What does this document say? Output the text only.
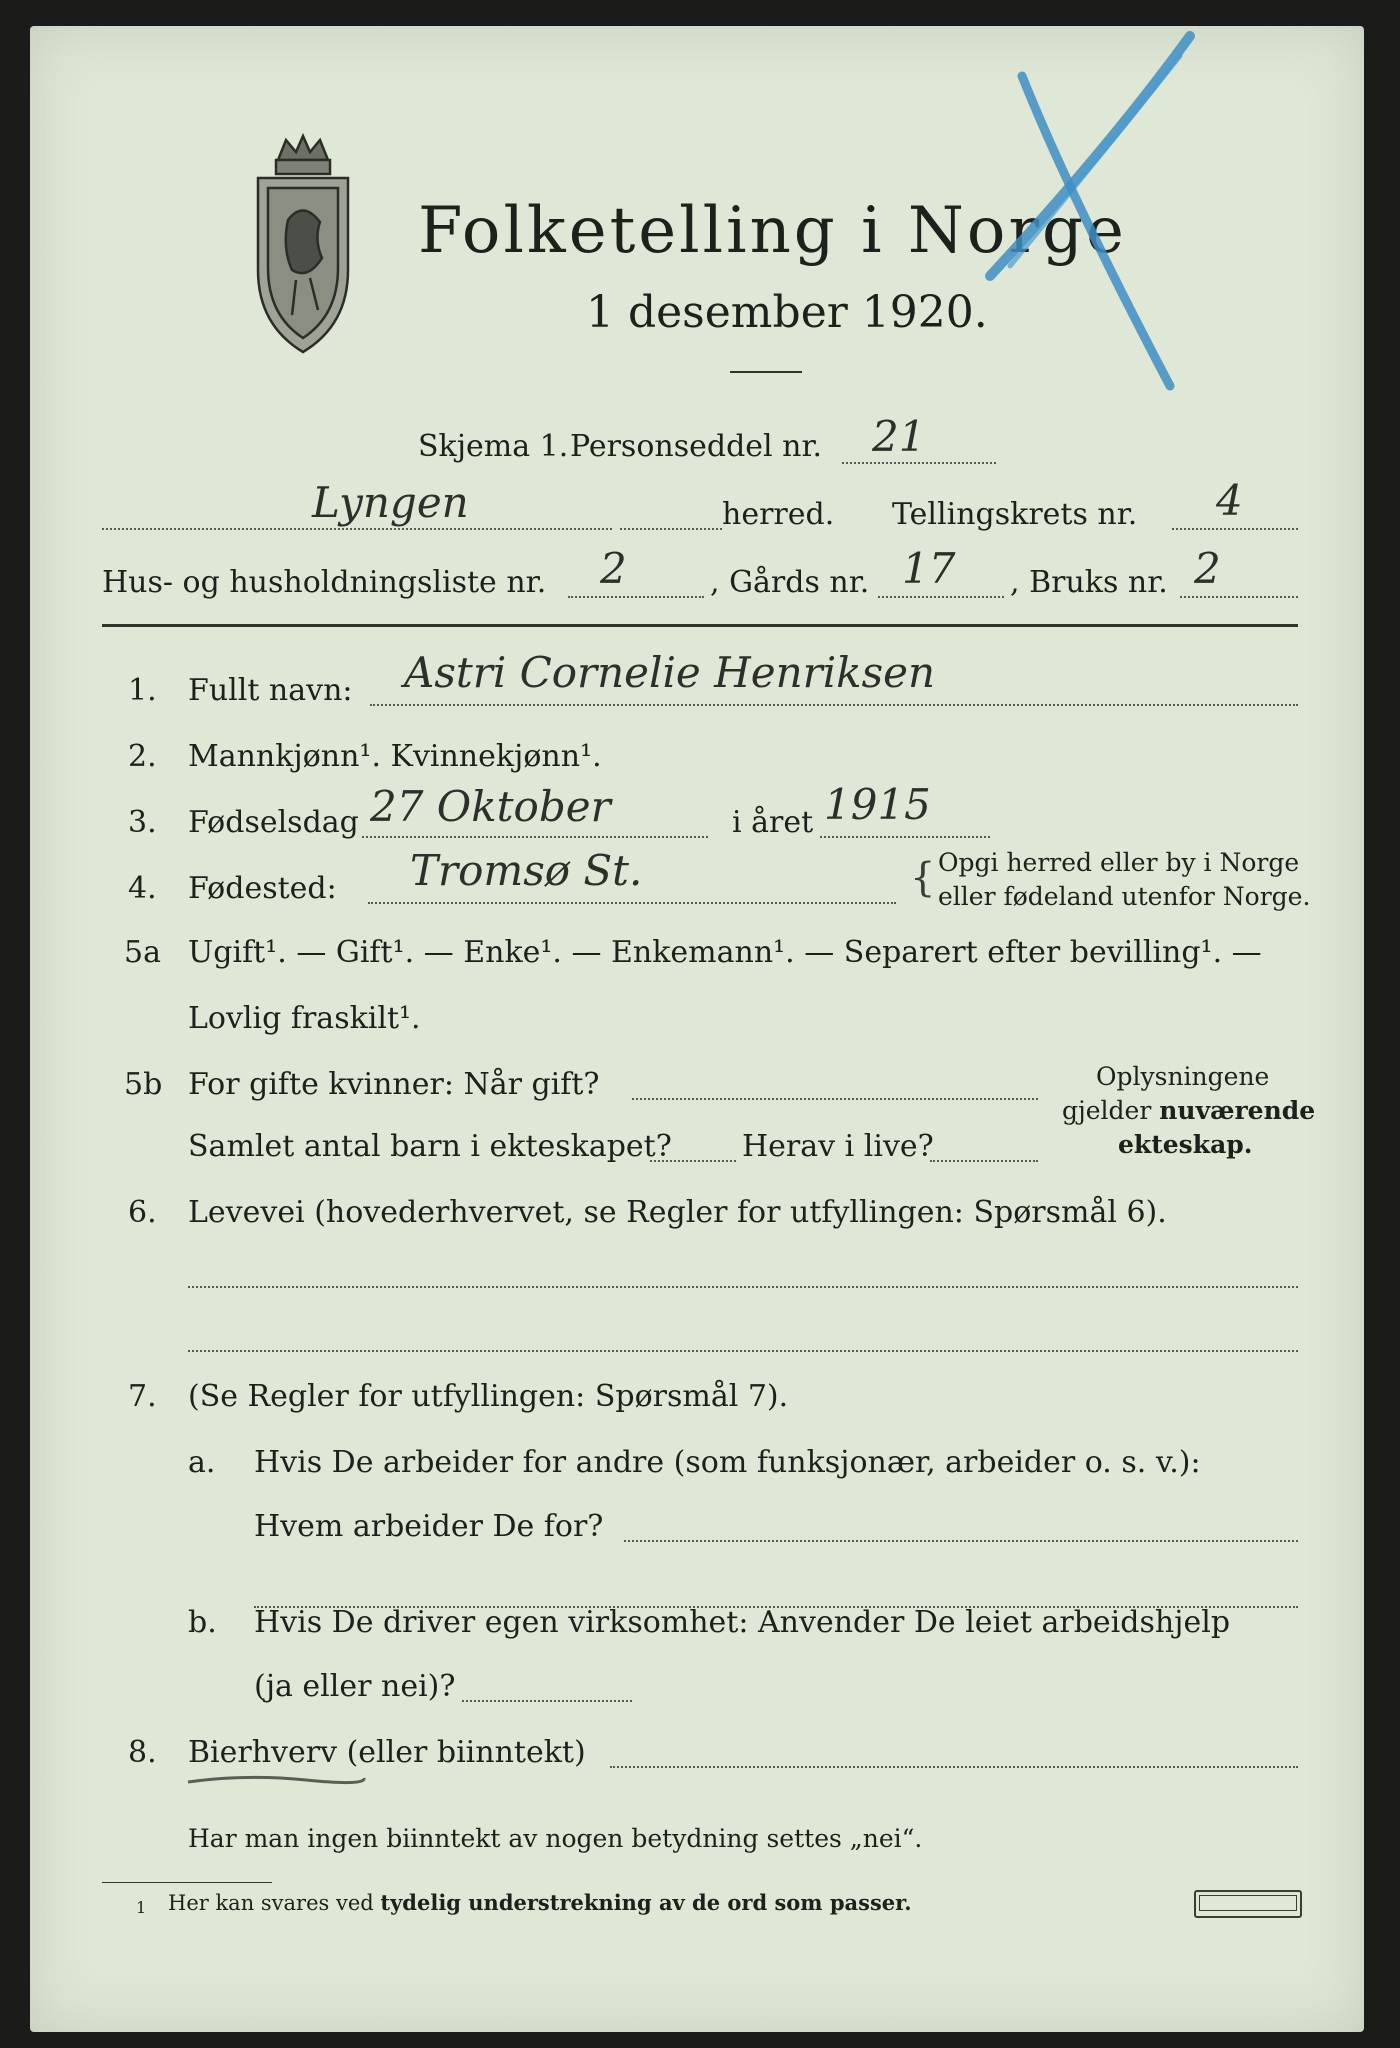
Folketelling i Norge
1 desember 1920.
Skjema 1. Personseddel nr. 21
Lyngen	herred. Tellingskrets nr. 4
Hus- og husholdningsliste nr. 2	, Gårds nr. 17 , Bruks nr. 2
1. Fullt navn: Astri Cornelie Henriksen
2. Mannkjønn¹. Kvinnekjønn¹.
3. Fødselsdag 27 Oktober	i året 1915
4. Fødested: Tromsø St.	{ Opgi herred eller by i Norge
eller fødeland utenfor Norge.
5a Ugift¹. — Gift¹. — Enke¹. — Enkemann¹. — Separert efter bevilling¹. —
Lovlig fraskilt¹.
5b For gifte kvinner: Når gift?	Oplysningene
gjelder nuværende
ekteskap.
Samlet antal barn i ekteskapet? Herav i live?
6. Levevei (hovederhvervet, se Regler for utfyllingen: Spørsmål 6).
7. (Se Regler for utfyllingen: Spørsmål 7).
a. Hvis De arbeider for andre (som funksjonær, arbeider o. s. v.):
Hvem arbeider De for?
b. Hvis De driver egen virksomhet: Anvender De leiet arbeidshjelp
(ja eller nei)?
8. Bierhverv (eller biinntekt)
Har man ingen biinntekt av nogen betydning settes „nei“.
1 Her kan svares ved tydelig understrekning av de ord som passer.
